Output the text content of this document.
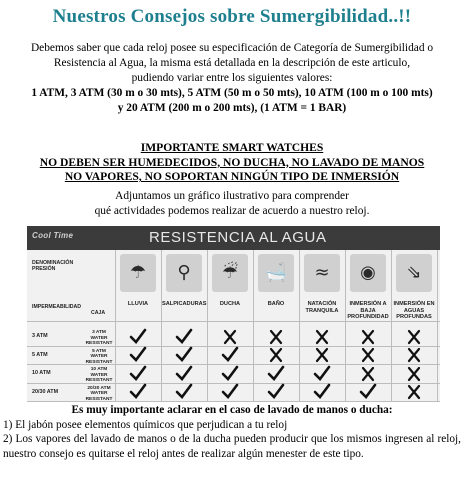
Nuestros Consejos sobre Sumergibilidad..!!
Debemos saber que cada reloj posee su especificación de Categoría de Sumergibilidad o
Resistencia al Agua, la misma está detallada en la descripción de este articulo,
pudiendo variar entre los siguientes valores:
1 ATM, 3 ATM (30 m o 30 mts), 5 ATM (50 m o 50 mts), 10 ATM (100 m o 100 mts)
y 20 ATM (200 m o 200 mts), (1 ATM = 1 BAR)
IMPORTANTE SMART WATCHES
NO DEBEN SER HUMEDECIDOS, NO DUCHA, NO LAVADO DE MANOS
NO VAPORES, NO SOPORTAN NINGÚN TIPO DE INMERSIÓN
Adjuntamos un gráfico ilustrativo para comprender
qué actividades podemos realizar de acuerdo a nuestro reloj.
Cool Time	RESISTENCIA AL AGUA
DENOMINACIÓN PRESIÓN
IMPERMEABILIDAD
CAJA
☂
LLUVIA
⚲
SALPICADURAS
☔
DUCHA
🛁
BAÑO
≈
NATACIÓN TRANQUILA
◉
INMERSIÓN A BAJA PROFUNDIDAD
⇘
INMERSIÓN EN AGUAS PROFUNDAS
3 ATM
3 ATM WATER RESISTANT
5 ATM
5 ATM WATER RESISTANT
10 ATM
10 ATM WATER RESISTANT
20/30 ATM
20/30 ATM WATER RESISTANT
Es muy importante aclarar en el caso de lavado de manos o ducha:
1) El jabón posee elementos químicos que perjudican a tu reloj
2) Los vapores del lavado de manos o de la ducha pueden producir que los mismos ingresen al reloj, nuestro consejo es quitarse el reloj antes de realizar algún menester de este tipo.
